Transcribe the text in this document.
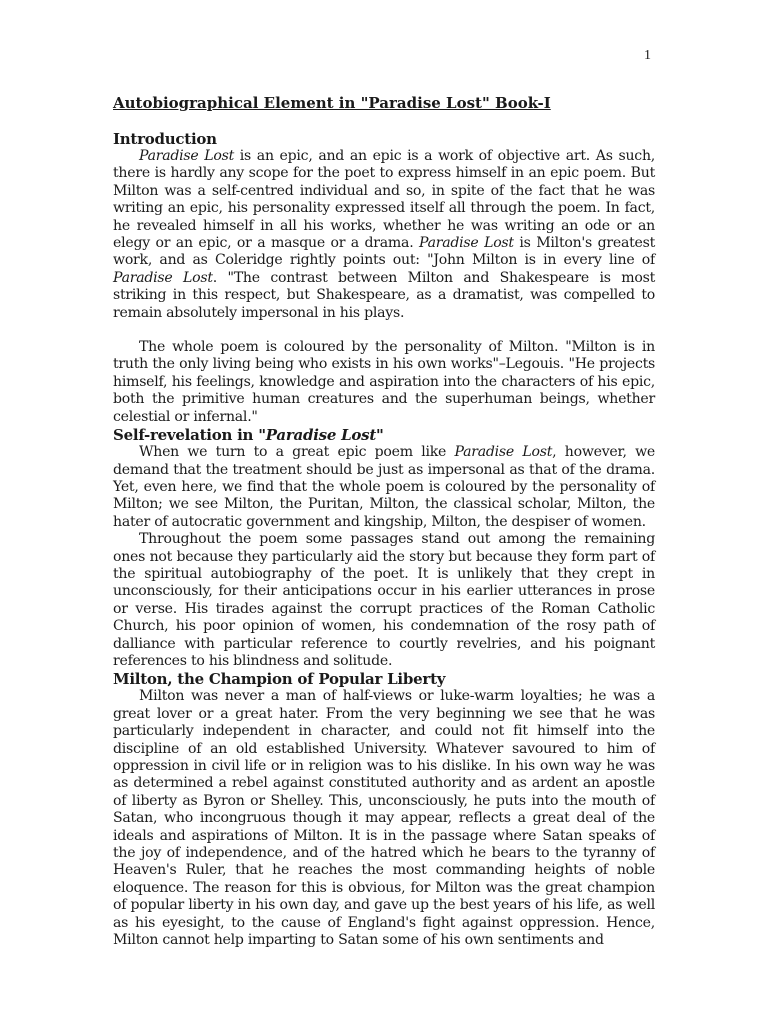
1
Autobiographical Element in "Paradise Lost" Book-I
Introduction

Paradise Lost is an epic, and an epic is a work of objective art. As such, there is hardly any scope for the poet to express himself in an epic poem. But Milton was a self-centred individual and so, in spite of the fact that he was writing an epic, his personality expressed itself all through the poem. In fact, he revealed himself in all his works, whether he was writing an ode or an elegy or an epic, or a masque or a drama. Paradise Lost is Milton's greatest work, and as Coleridge rightly points out: "John Milton is in every line of Paradise Lost. "The contrast between Milton and Shakespeare is most striking in this respect, but Shakespeare, as a dramatist, was compelled to remain absolutely impersonal in his plays.

The whole poem is coloured by the personality of Milton. "Milton is in truth the only living being who exists in his own works"–Legouis. "He projects himself, his feelings, knowledge and aspiration into the characters of his epic, both the primitive human creatures and the superhuman beings, whether celestial or infernal."

Self-revelation in "Paradise Lost"

When we turn to a great epic poem like Paradise Lost, however, we demand that the treatment should be just as impersonal as that of the drama. Yet, even here, we find that the whole poem is coloured by the personality of Milton; we see Milton, the Puritan, Milton, the classical scholar, Milton, the hater of autocratic government and kingship, Milton, the despiser of women.

Throughout the poem some passages stand out among the remaining ones not because they particularly aid the story but because they form part of the spiritual autobiography of the poet. It is unlikely that they crept in unconsciously, for their anticipations occur in his earlier utterances in prose or verse. His tirades against the corrupt practices of the Roman Catholic Church, his poor opinion of women, his condemnation of the rosy path of dalliance with particular reference to courtly revelries, and his poignant references to his blindness and solitude.

Milton, the Champion of Popular Liberty

Milton was never a man of half-views or luke-warm loyalties; he was a great lover or a great hater. From the very beginning we see that he was particularly independent in character, and could not fit himself into the discipline of an old established University. Whatever savoured to him of oppression in civil life or in religion was to his dislike. In his own way he was as determined a rebel against constituted authority and as ardent an apostle of liberty as Byron or Shelley. This, unconsciously, he puts into the mouth of Satan, who incongruous though it may appear, reflects a great deal of the ideals and aspirations of Milton. It is in the passage where Satan speaks of the joy of independence, and of the hatred which he bears to the tyranny of Heaven's Ruler, that he reaches the most commanding heights of noble eloquence. The reason for this is obvious, for Milton was the great champion of popular liberty in his own day, and gave up the best years of his life, as well as his eyesight, to the cause of England's fight against oppression. Hence, Milton cannot help imparting to Satan some of his own sentiments and
